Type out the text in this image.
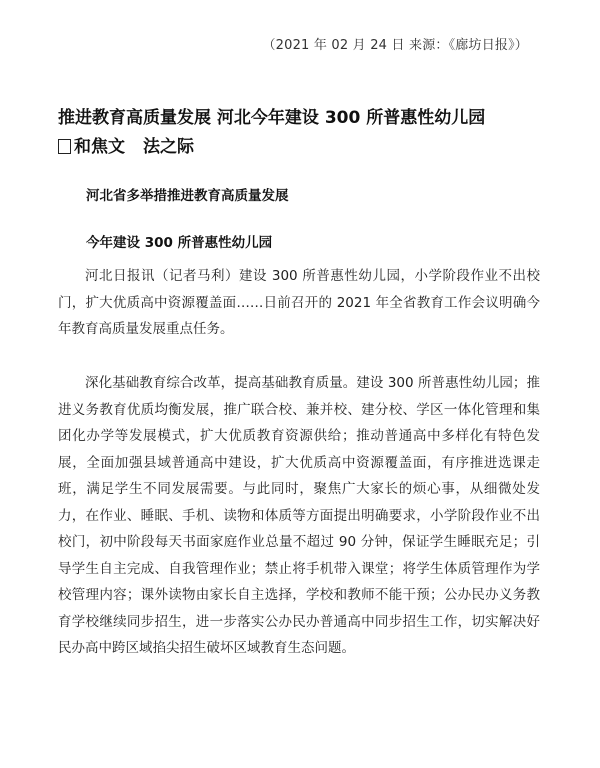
（2021 年 02 月 24 日 来源：《廊坊日报》）
推进教育高质量发展 河北今年建设 300 所普惠性幼儿园
和焦文 法之际
河北省多举措推进教育高质量发展
今年建设 300 所普惠性幼儿园
河北日报讯（记者马利）建设 300 所普惠性幼儿园，小学阶段作业不出校门，扩大优质高中资源覆盖面……日前召开的 2021 年全省教育工作会议明确今年教育高质量发展重点任务。
深化基础教育综合改革，提高基础教育质量。建设 300 所普惠性幼儿园；推进义务教育优质均衡发展，推广联合校、兼并校、建分校、学区一体化管理和集团化办学等发展模式，扩大优质教育资源供给；推动普通高中多样化有特色发展，全面加强县域普通高中建设，扩大优质高中资源覆盖面，有序推进选课走班，满足学生不同发展需要。与此同时，聚焦广大家长的烦心事，从细微处发力，在作业、睡眠、手机、读物和体质等方面提出明确要求，小学阶段作业不出校门，初中阶段每天书面家庭作业总量不超过 90 分钟，保证学生睡眠充足；引导学生自主完成、自我管理作业；禁止将手机带入课堂；将学生体质管理作为学校管理内容；课外读物由家长自主选择，学校和教师不能干预；公办民办义务教育学校继续同步招生，进一步落实公办民办普通高中同步招生工作，切实解决好民办高中跨区域掐尖招生破坏区域教育生态问题。
